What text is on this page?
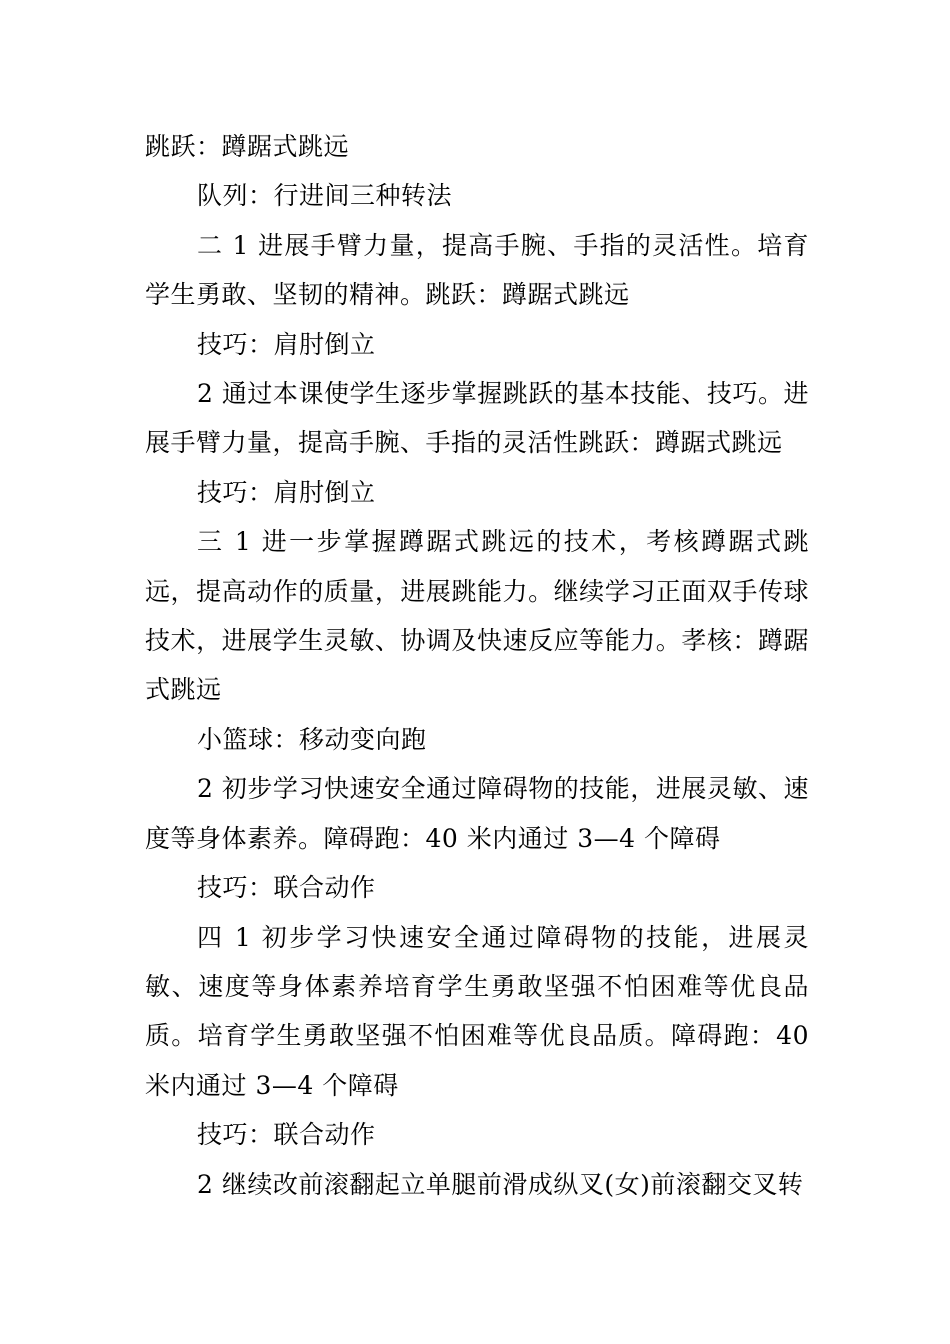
跳跃：蹲踞式跳远

队列：行进间三种转法

二 1 进展手臂力量，提高手腕、手指的灵活性。培育学生勇敢、坚韧的精神。跳跃：蹲踞式跳远

技巧：肩肘倒立

2 通过本课使学生逐步掌握跳跃的基本技能、技巧。进展手臂力量，提高手腕、手指的灵活性跳跃：蹲踞式跳远

技巧：肩肘倒立

三 1 进一步掌握蹲踞式跳远的技术，考核蹲踞式跳远，提高动作的质量，进展跳能力。继续学习正面双手传球技术，进展学生灵敏、协调及快速反应等能力。孝核：蹲踞式跳远

小篮球：移动变向跑

2 初步学习快速安全通过障碍物的技能，进展灵敏、速度等身体素养。障碍跑：40 米内通过 3—4 个障碍

技巧：联合动作

四 1 初步学习快速安全通过障碍物的技能，进展灵敏、速度等身体素养培育学生勇敢坚强不怕困难等优良品质。培育学生勇敢坚强不怕困难等优良品质。障碍跑：40 米内通过 3—4 个障碍

技巧：联合动作

2 继续改前滚翻起立单腿前滑成纵叉(女)前滚翻交叉转
